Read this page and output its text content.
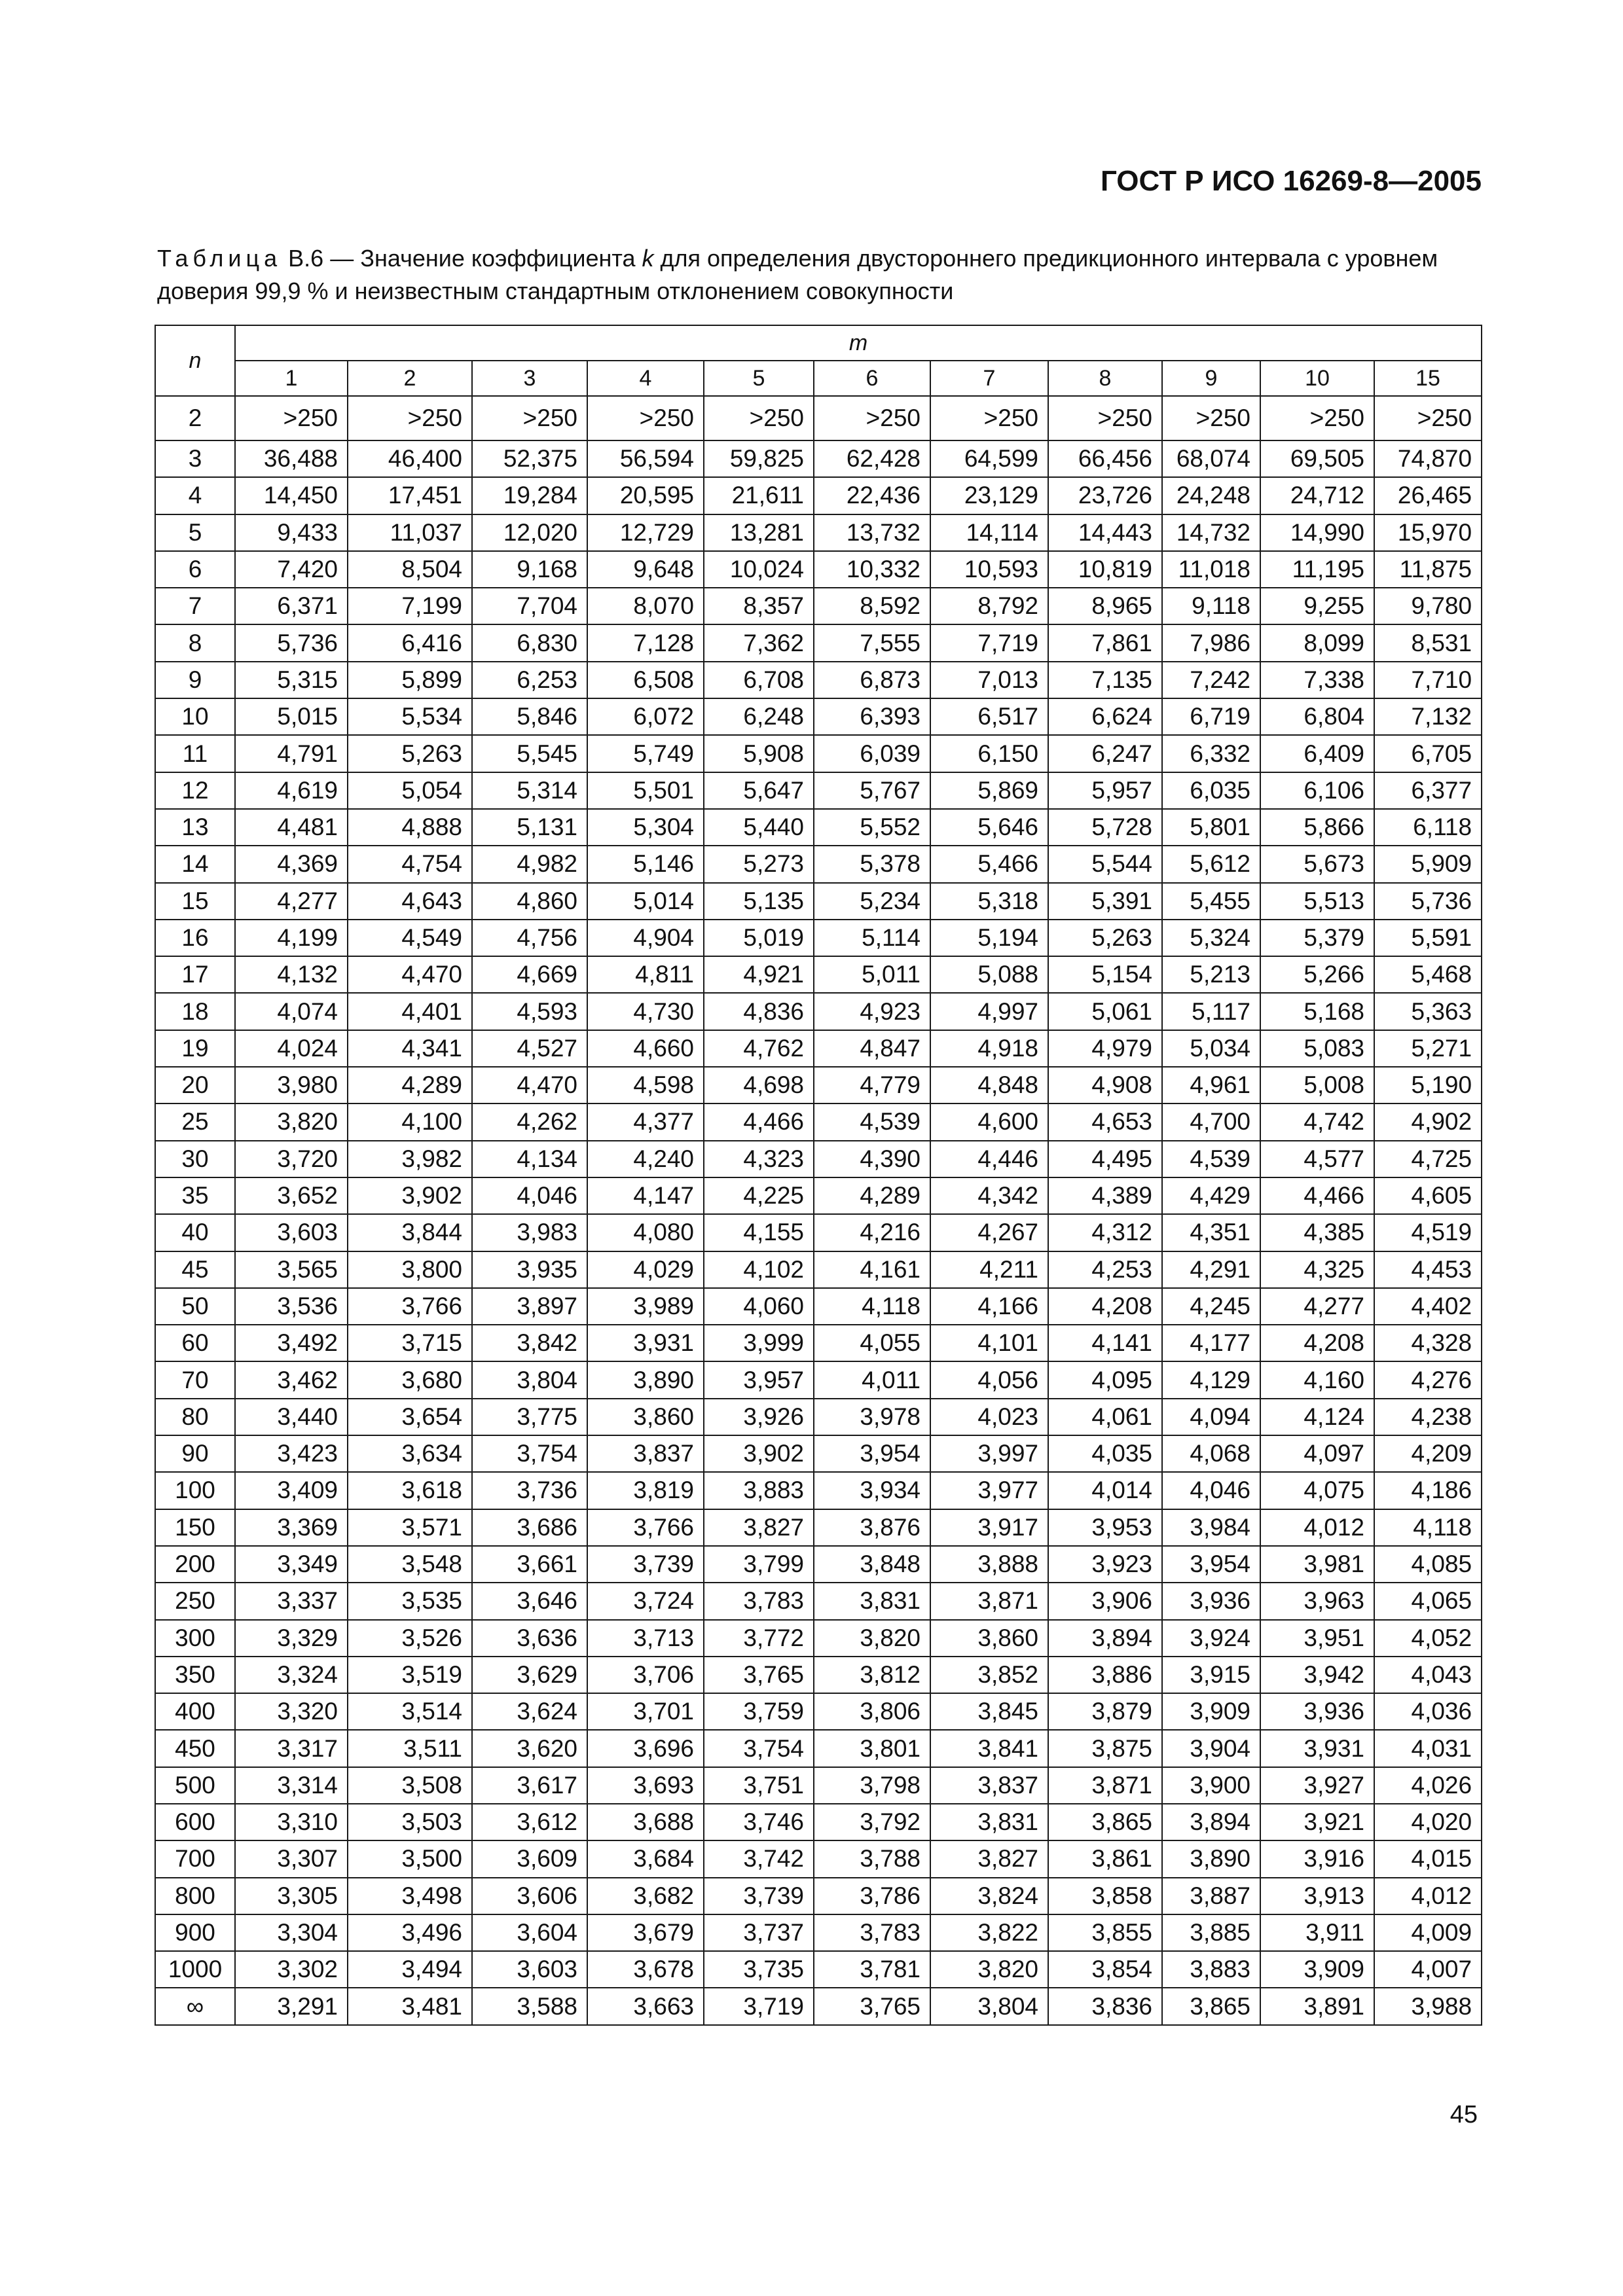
ГОСТ Р ИСО 16269-8—2005
Таблица В.6 — Значение коэффициента k для определения двустороннего предикционного интервала с уровнем доверия 99,9 % и неизвестным стандартным отклонением совокупности
n	m										
	1	2	3	4	5	6	7	8	9	10	15
2	>250	>250	>250	>250	>250	>250	>250	>250	>250	>250	>250
3	36,488	46,400	52,375	56,594	59,825	62,428	64,599	66,456	68,074	69,505	74,870
4	14,450	17,451	19,284	20,595	21,611	22,436	23,129	23,726	24,248	24,712	26,465
5	9,433	11,037	12,020	12,729	13,281	13,732	14,114	14,443	14,732	14,990	15,970
6	7,420	8,504	9,168	9,648	10,024	10,332	10,593	10,819	11,018	11,195	11,875
7	6,371	7,199	7,704	8,070	8,357	8,592	8,792	8,965	9,118	9,255	9,780
8	5,736	6,416	6,830	7,128	7,362	7,555	7,719	7,861	7,986	8,099	8,531
9	5,315	5,899	6,253	6,508	6,708	6,873	7,013	7,135	7,242	7,338	7,710
10	5,015	5,534	5,846	6,072	6,248	6,393	6,517	6,624	6,719	6,804	7,132
11	4,791	5,263	5,545	5,749	5,908	6,039	6,150	6,247	6,332	6,409	6,705
12	4,619	5,054	5,314	5,501	5,647	5,767	5,869	5,957	6,035	6,106	6,377
13	4,481	4,888	5,131	5,304	5,440	5,552	5,646	5,728	5,801	5,866	6,118
14	4,369	4,754	4,982	5,146	5,273	5,378	5,466	5,544	5,612	5,673	5,909
15	4,277	4,643	4,860	5,014	5,135	5,234	5,318	5,391	5,455	5,513	5,736
16	4,199	4,549	4,756	4,904	5,019	5,114	5,194	5,263	5,324	5,379	5,591
17	4,132	4,470	4,669	4,811	4,921	5,011	5,088	5,154	5,213	5,266	5,468
18	4,074	4,401	4,593	4,730	4,836	4,923	4,997	5,061	5,117	5,168	5,363
19	4,024	4,341	4,527	4,660	4,762	4,847	4,918	4,979	5,034	5,083	5,271
20	3,980	4,289	4,470	4,598	4,698	4,779	4,848	4,908	4,961	5,008	5,190
25	3,820	4,100	4,262	4,377	4,466	4,539	4,600	4,653	4,700	4,742	4,902
30	3,720	3,982	4,134	4,240	4,323	4,390	4,446	4,495	4,539	4,577	4,725
35	3,652	3,902	4,046	4,147	4,225	4,289	4,342	4,389	4,429	4,466	4,605
40	3,603	3,844	3,983	4,080	4,155	4,216	4,267	4,312	4,351	4,385	4,519
45	3,565	3,800	3,935	4,029	4,102	4,161	4,211	4,253	4,291	4,325	4,453
50	3,536	3,766	3,897	3,989	4,060	4,118	4,166	4,208	4,245	4,277	4,402
60	3,492	3,715	3,842	3,931	3,999	4,055	4,101	4,141	4,177	4,208	4,328
70	3,462	3,680	3,804	3,890	3,957	4,011	4,056	4,095	4,129	4,160	4,276
80	3,440	3,654	3,775	3,860	3,926	3,978	4,023	4,061	4,094	4,124	4,238
90	3,423	3,634	3,754	3,837	3,902	3,954	3,997	4,035	4,068	4,097	4,209
100	3,409	3,618	3,736	3,819	3,883	3,934	3,977	4,014	4,046	4,075	4,186
150	3,369	3,571	3,686	3,766	3,827	3,876	3,917	3,953	3,984	4,012	4,118
200	3,349	3,548	3,661	3,739	3,799	3,848	3,888	3,923	3,954	3,981	4,085
250	3,337	3,535	3,646	3,724	3,783	3,831	3,871	3,906	3,936	3,963	4,065
300	3,329	3,526	3,636	3,713	3,772	3,820	3,860	3,894	3,924	3,951	4,052
350	3,324	3,519	3,629	3,706	3,765	3,812	3,852	3,886	3,915	3,942	4,043
400	3,320	3,514	3,624	3,701	3,759	3,806	3,845	3,879	3,909	3,936	4,036
450	3,317	3,511	3,620	3,696	3,754	3,801	3,841	3,875	3,904	3,931	4,031
500	3,314	3,508	3,617	3,693	3,751	3,798	3,837	3,871	3,900	3,927	4,026
600	3,310	3,503	3,612	3,688	3,746	3,792	3,831	3,865	3,894	3,921	4,020
700	3,307	3,500	3,609	3,684	3,742	3,788	3,827	3,861	3,890	3,916	4,015
800	3,305	3,498	3,606	3,682	3,739	3,786	3,824	3,858	3,887	3,913	4,012
900	3,304	3,496	3,604	3,679	3,737	3,783	3,822	3,855	3,885	3,911	4,009
1000	3,302	3,494	3,603	3,678	3,735	3,781	3,820	3,854	3,883	3,909	4,007
∞	3,291	3,481	3,588	3,663	3,719	3,765	3,804	3,836	3,865	3,891	3,988
45
